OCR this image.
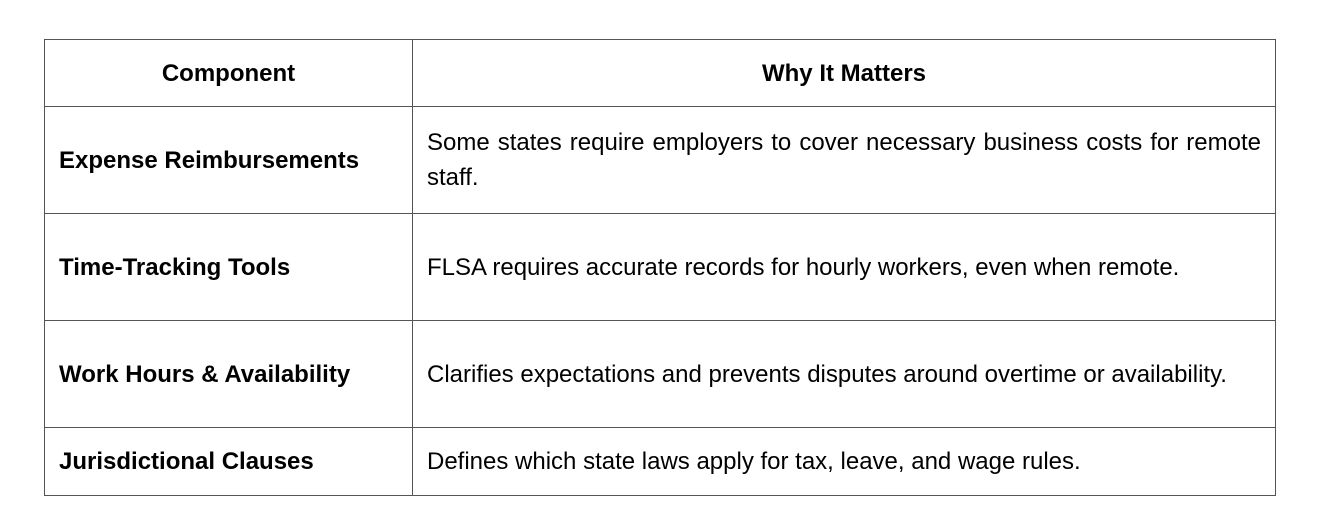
Component	Why It Matters
Expense Reimbursements	Some states require employers to cover necessary business costs for remote staff.
Time-Tracking Tools	FLSA requires accurate records for hourly workers, even when remote.
Work Hours & Availability	Clarifies expectations and prevents disputes around overtime or availability.
Jurisdictional Clauses	Defines which state laws apply for tax, leave, and wage rules.
